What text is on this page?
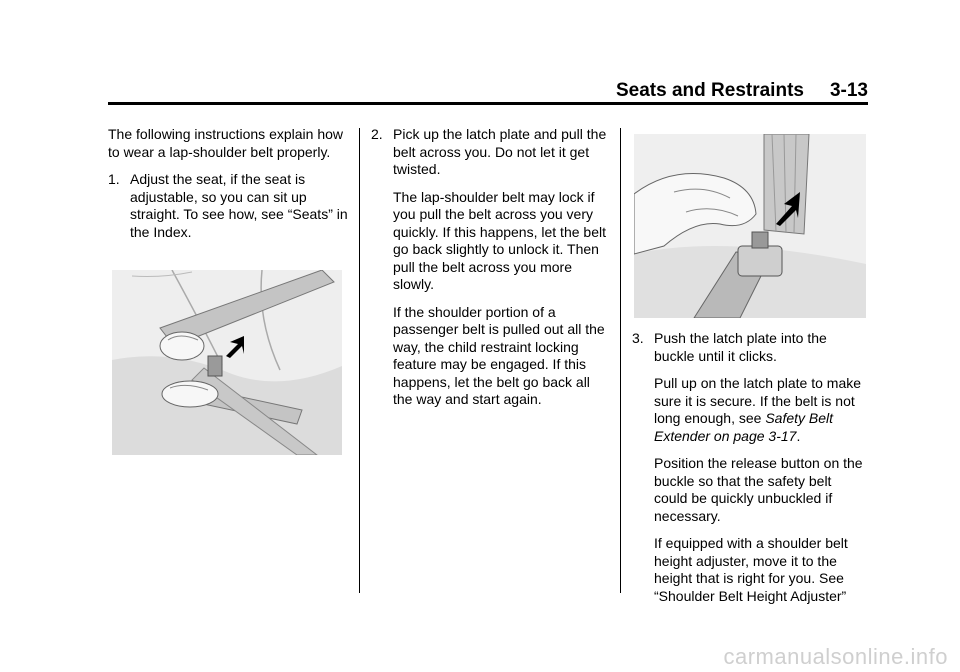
Seats and Restraints 3-13

The following instructions explain how to wear a lap-shoulder belt properly.

1. Adjust the seat, if the seat is adjustable, so you can sit up straight. To see how, see “Seats” in the Index.
2. Pick up the latch plate and pull the belt across you. Do not let it get twisted.

The lap-shoulder belt may lock if you pull the belt across you very quickly. If this happens, let the belt go back slightly to unlock it. Then pull the belt across you more slowly.

If the shoulder portion of a passenger belt is pulled out all the way, the child restraint locking feature may be engaged. If this happens, let the belt go back all the way and start again.

3. Push the latch plate into the buckle until it clicks.

Pull up on the latch plate to make sure it is secure. If the belt is not long enough, see Safety Belt Extender on page 3-17.

Position the release button on the buckle so that the safety belt could be quickly unbuckled if necessary.

If equipped with a shoulder belt height adjuster, move it to the height that is right for you. See “Shoulder Belt Height Adjuster”

carmanualsonline.info
